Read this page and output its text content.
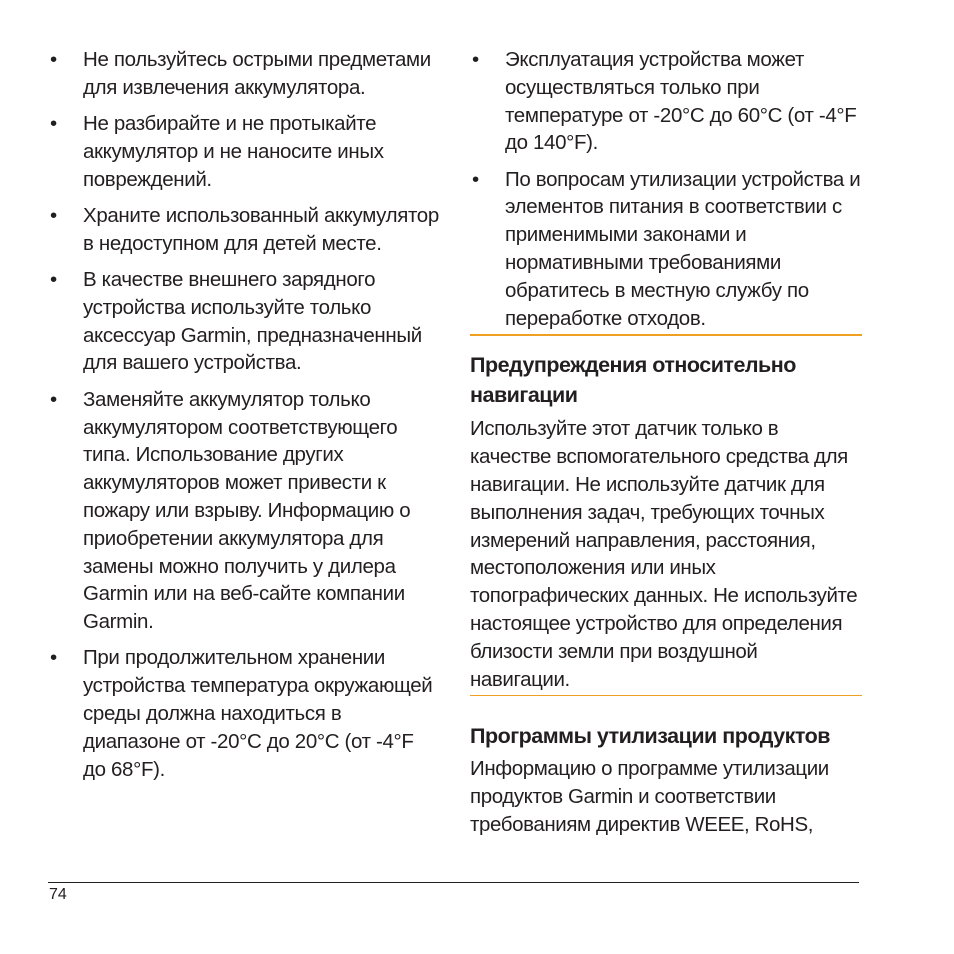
• Не пользуйтесь острыми предметами для извлечения аккумулятора.
• Не разбирайте и не протыкайте аккумулятор и не наносите иных повреждений.
• Храните использованный аккумулятор в недоступном для детей месте.
• В качестве внешнего зарядного устройства используйте только аксессуар Garmin, предназначенный для вашего устройства.
• Заменяйте аккумулятор только аккумулятором соответствующего типа. Использование других аккумуляторов может привести к пожару или взрыву. Информацию о приобретении аккумулятора для замены можно получить у дилера Garmin или на веб-сайте компании Garmin.
• При продолжительном хранении устройства температура окружающей среды должна находиться в диапазоне от -20°C до 20°C (от -4°F до 68°F).
• Эксплуатация устройства может осуществляться только при температуре от -20°C до 60°C (от -4°F до 140°F).
• По вопросам утилизации устройства и элементов питания в соответствии с применимыми законами и нормативными требованиями обратитесь в местную службу по переработке отходов.
Предупреждения относительно навигации

Используйте этот датчик только в качестве вспомогательного средства для навигации. Не используйте датчик для выполнения задач, требующих точных измерений направления, расстояния, местоположения или иных топографических данных. Не используйте настоящее устройство для определения близости земли при воздушной навигации.

Программы утилизации продуктов

Информацию о программе утилизации продуктов Garmin и соответствии требованиям директив WEEE, RoHS,

74
